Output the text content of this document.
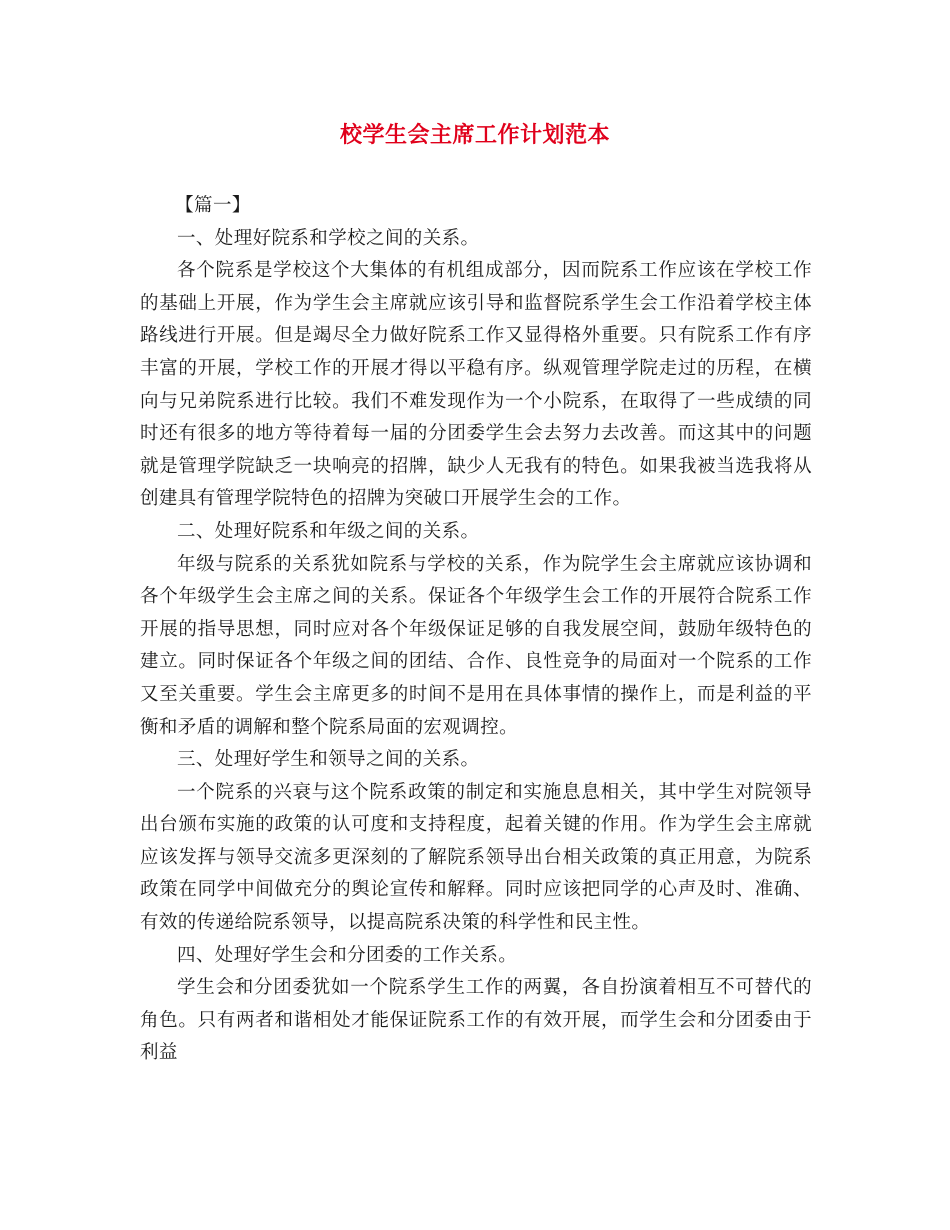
校学生会主席工作计划范本

【篇一】

一、处理好院系和学校之间的关系。

各个院系是学校这个大集体的有机组成部分，因而院系工作应该在学校工作的基础上开展，作为学生会主席就应该引导和监督院系学生会工作沿着学校主体路线进行开展。但是竭尽全力做好院系工作又显得格外重要。只有院系工作有序丰富的开展，学校工作的开展才得以平稳有序。纵观管理学院走过的历程，在横向与兄弟院系进行比较。我们不难发现作为一个小院系，在取得了一些成绩的同时还有很多的地方等待着每一届的分团委学生会去努力去改善。而这其中的问题就是管理学院缺乏一块响亮的招牌，缺少人无我有的特色。如果我被当选我将从创建具有管理学院特色的招牌为突破口开展学生会的工作。

二、处理好院系和年级之间的关系。

年级与院系的关系犹如院系与学校的关系，作为院学生会主席就应该协调和各个年级学生会主席之间的关系。保证各个年级学生会工作的开展符合院系工作开展的指导思想，同时应对各个年级保证足够的自我发展空间，鼓励年级特色的建立。同时保证各个年级之间的团结、合作、良性竞争的局面对一个院系的工作又至关重要。学生会主席更多的时间不是用在具体事情的操作上，而是利益的平衡和矛盾的调解和整个院系局面的宏观调控。

三、处理好学生和领导之间的关系。

一个院系的兴衰与这个院系政策的制定和实施息息相关，其中学生对院领导出台颁布实施的政策的认可度和支持程度，起着关键的作用。作为学生会主席就应该发挥与领导交流多更深刻的了解院系领导出台相关政策的真正用意，为院系政策在同学中间做充分的舆论宣传和解释。同时应该把同学的心声及时、准确、有效的传递给院系领导，以提高院系决策的科学性和民主性。

四、处理好学生会和分团委的工作关系。

学生会和分团委犹如一个院系学生工作的两翼，各自扮演着相互不可替代的角色。只有两者和谐相处才能保证院系工作的有效开展，而学生会和分团委由于利益
